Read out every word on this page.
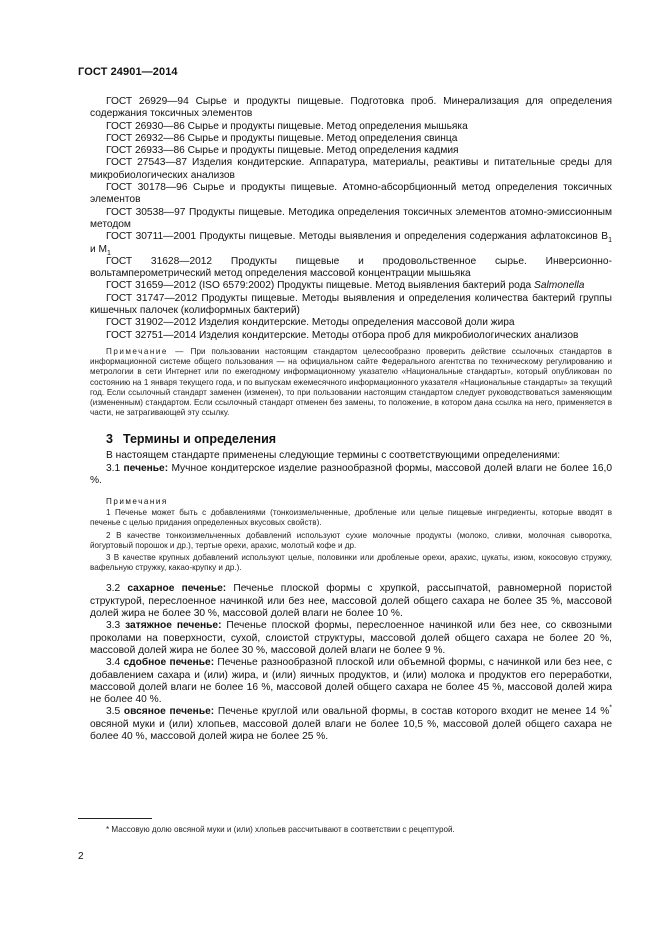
ГОСТ 24901—2014

ГОСТ 26929—94 Сырье и продукты пищевые. Подготовка проб. Минерализация для определения содержания токсичных элементов

ГОСТ 26930—86 Сырье и продукты пищевые. Метод определения мышьяка

ГОСТ 26932—86 Сырье и продукты пищевые. Метод определения свинца

ГОСТ 26933—86 Сырье и продукты пищевые. Метод определения кадмия

ГОСТ 27543—87 Изделия кондитерские. Аппаратура, материалы, реактивы и питательные среды для микробиологических анализов

ГОСТ 30178—96 Сырье и продукты пищевые. Атомно-абсорбционный метод определения токсичных элементов

ГОСТ 30538—97 Продукты пищевые. Методика определения токсичных элементов атомно-эмиссионным методом

ГОСТ 30711—2001 Продукты пищевые. Методы выявления и определения содержания афлатоксинов $B_1$ и $M_1$

ГОСТ 31628—2012 Продукты пищевые и продовольственное сырье. Инверсионно-вольтамперометрический метод определения массовой концентрации мышьяка

ГОСТ 31659—2012 (ISO 6579:2002) Продукты пищевые. Метод выявления бактерий рода Salmonella

ГОСТ 31747—2012 Продукты пищевые. Методы выявления и определения количества бактерий группы кишечных палочек (колиформных бактерий)

ГОСТ 31902—2012 Изделия кондитерские. Методы определения массовой доли жира

ГОСТ 32751—2014 Изделия кондитерские. Методы отбора проб для микробиологических анализов

Примечание — При пользовании настоящим стандартом целесообразно проверить действие ссылочных стандартов в информационной системе общего пользования — на официальном сайте Федерального агентства по техническому регулированию и метрологии в сети Интернет или по ежегодному информационному указателю «Национальные стандарты», который опубликован по состоянию на 1 января текущего года, и по выпускам ежемесячного информационного указателя «Национальные стандарты» за текущий год. Если ссылочный стандарт заменен (изменен), то при пользовании настоящим стандартом следует руководствоваться заменяющим (измененным) стандартом. Если ссылочный стандарт отменен без замены, то положение, в котором дана ссылка на него, применяется в части, не затрагивающей эту ссылку.

3 Термины и определения

В настоящем стандарте применены следующие термины с соответствующими определениями:

3.1 печенье: Мучное кондитерское изделие разнообразной формы, массовой долей влаги не более 16,0 %.

Примечания

1 Печенье может быть с добавлениями (тонкоизмельченные, дробленые или целые пищевые ингредиенты, которые вводят в печенье с целью придания определенных вкусовых свойств).

2 В качестве тонкоизмельченных добавлений используют сухие молочные продукты (молоко, сливки, молочная сыворотка, йогуртовый порошок и др.), тертые орехи, арахис, молотый кофе и др.

3 В качестве крупных добавлений используют целые, половинки или дробленые орехи, арахис, цукаты, изюм, кокосовую стружку, вафельную стружку, какао-крупку и др.).

3.2 сахарное печенье: Печенье плоской формы с хрупкой, рассыпчатой, равномерной пористой структурой, переслоенное начинкой или без нее, массовой долей общего сахара не более 35 %, массовой долей жира не более 30 %, массовой долей влаги не более 10 %.

3.3 затяжное печенье: Печенье плоской формы, переслоенное начинкой или без нее, со сквозными проколами на поверхности, сухой, слоистой структуры, массовой долей общего сахара не более 20 %, массовой долей жира не более 30 %, массовой долей влаги не более 9 %.

3.4 сдобное печенье: Печенье разнообразной плоской или объемной формы, с начинкой или без нее, с добавлением сахара и (или) жира, и (или) яичных продуктов, и (или) молока и продуктов его переработки, массовой долей влаги не более 16 %, массовой долей общего сахара не более 45 %, массовой долей жира не более 40 %.

3.5 овсяное печенье: Печенье круглой или овальной формы, в состав которого входит не менее 14 %* овсяной муки и (или) хлопьев, массовой долей влаги не более 10,5 %, массовой долей общего сахара не более 40 %, массовой долей жира не более 25 %.

* Массовую долю овсяной муки и (или) хлопьев рассчитывают в соответствии с рецептурой.
2
